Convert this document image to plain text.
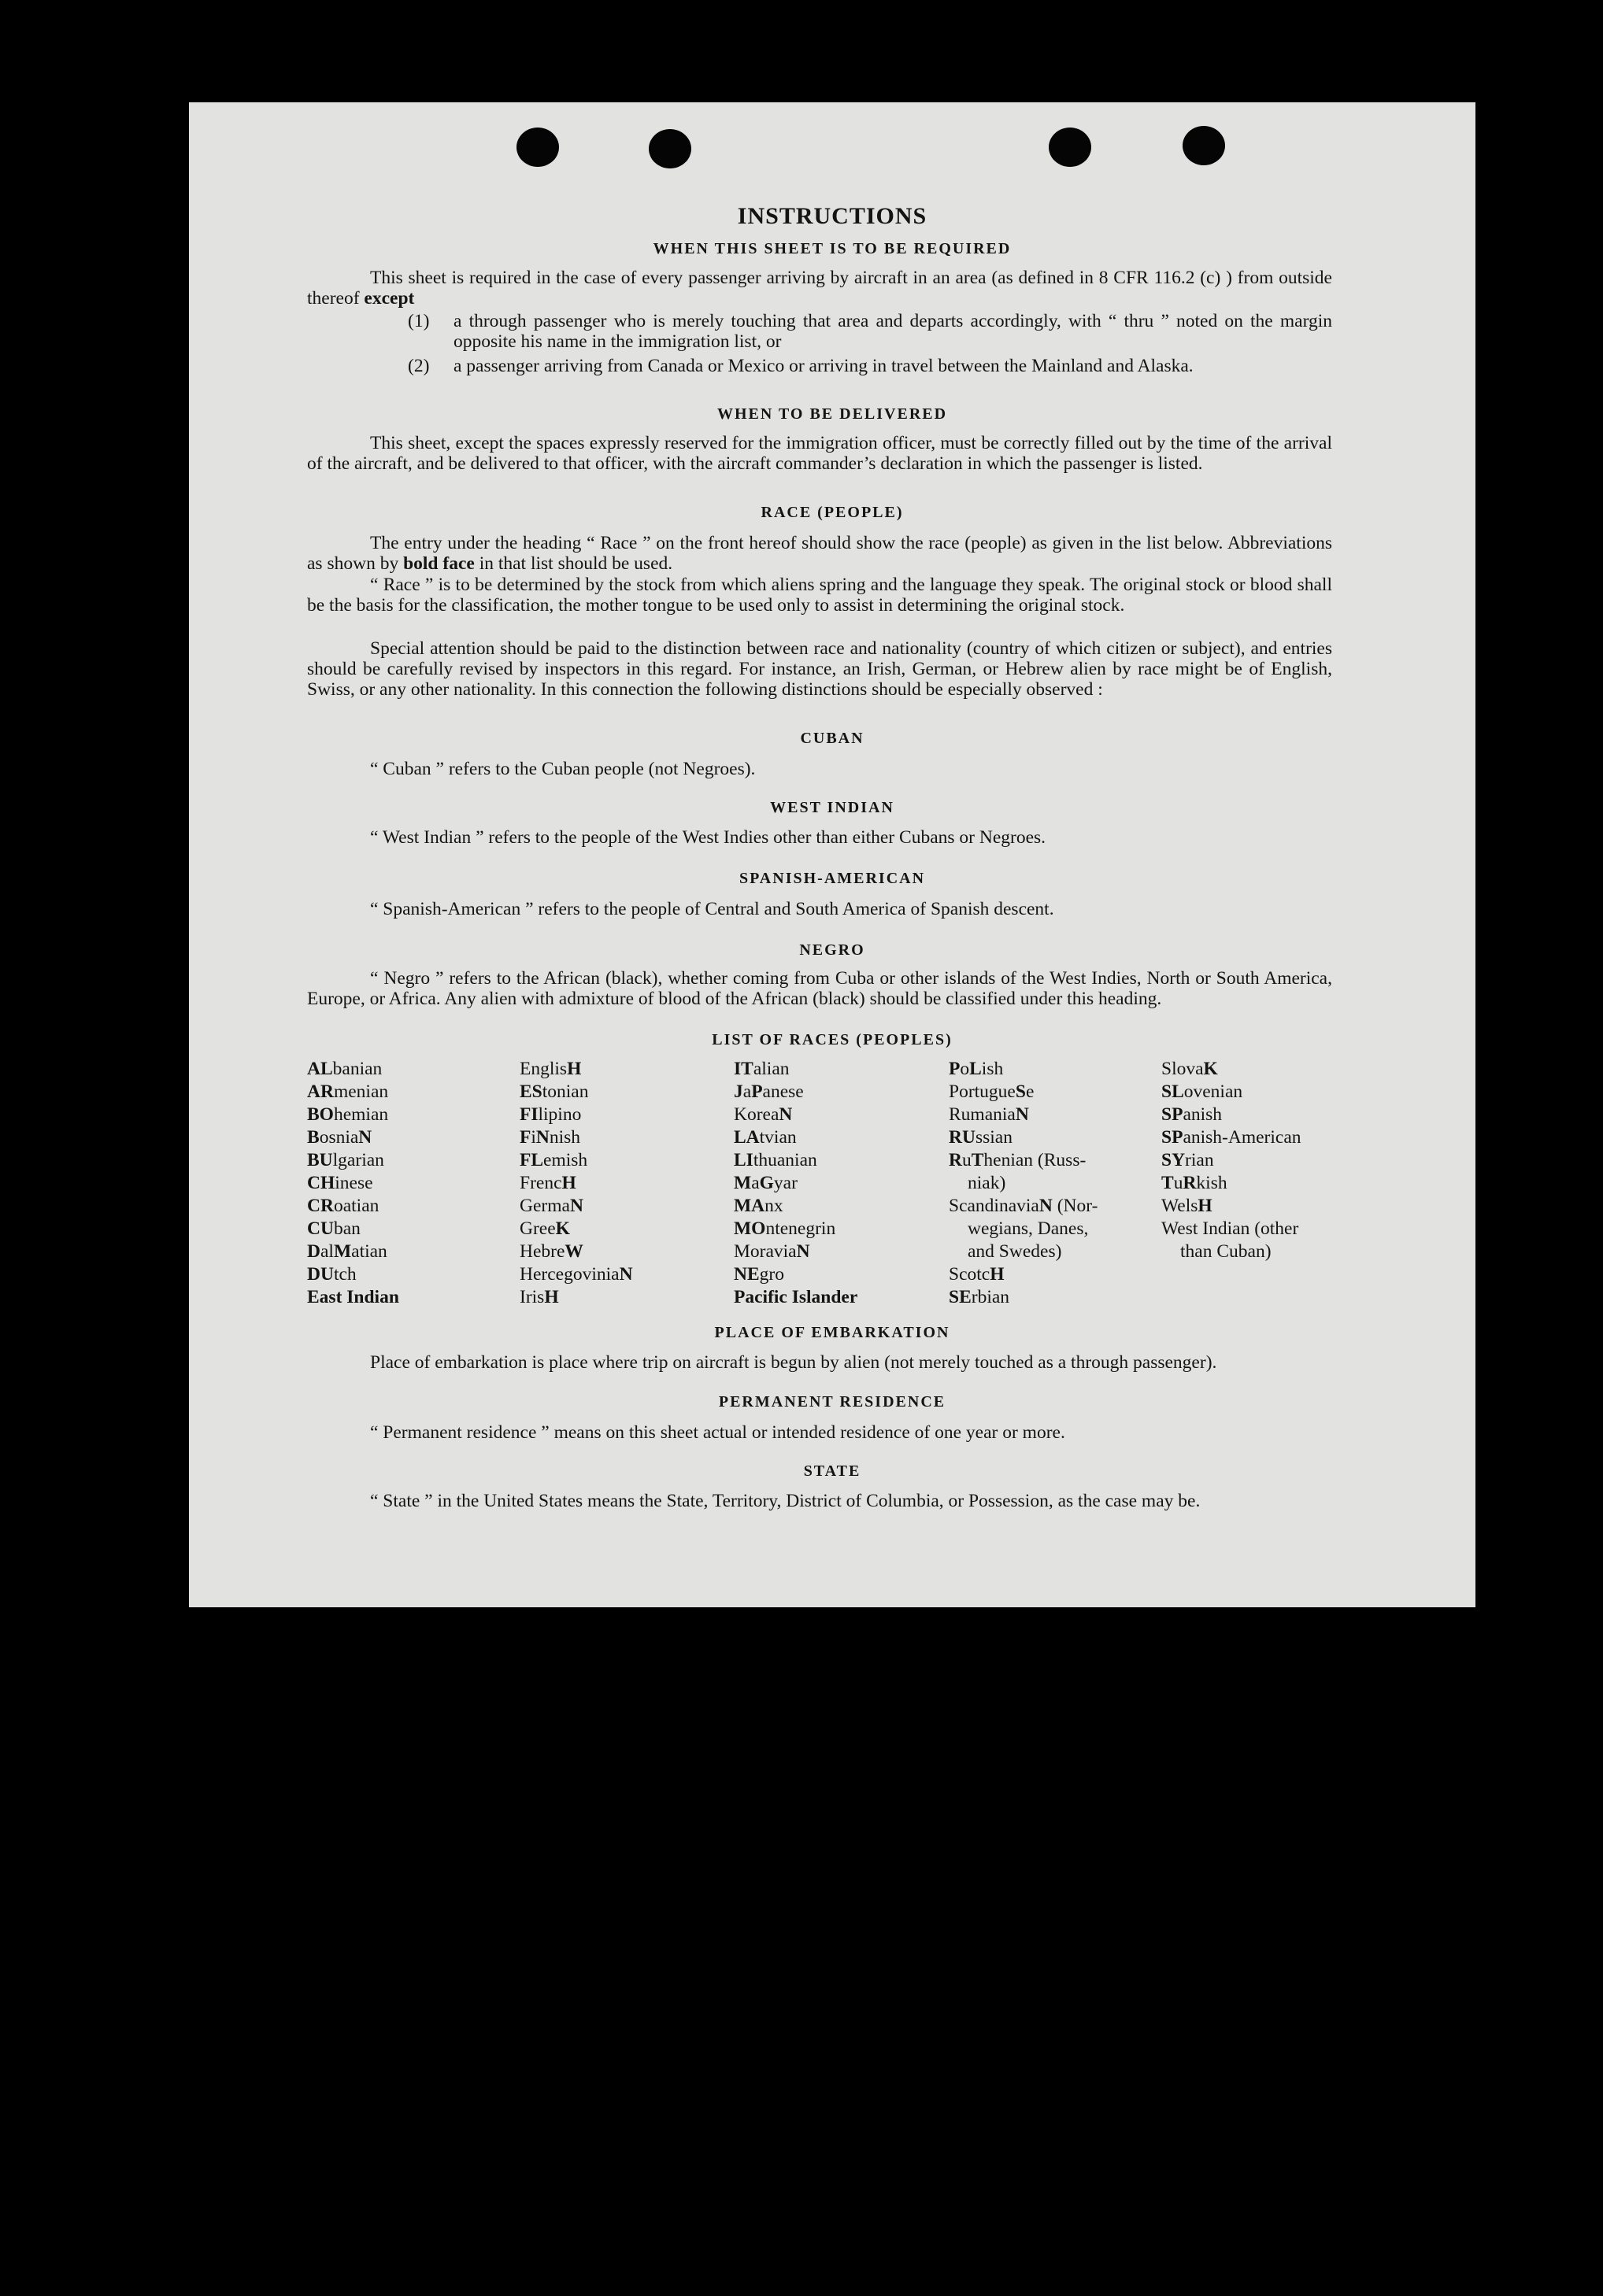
INSTRUCTIONS
WHEN THIS SHEET IS TO BE REQUIRED
This sheet is required in the case of every passenger arriving by aircraft in an area (as defined in 8 CFR 116.2 (c) ) from outside thereof except
(1)	a through passenger who is merely touching that area and departs accordingly, with “ thru ” noted on the margin opposite his name in the immigration list, or
(2)	a passenger arriving from Canada or Mexico or arriving in travel between the Mainland and Alaska.
WHEN TO BE DELIVERED
This sheet, except the spaces expressly reserved for the immigration officer, must be correctly filled out by the time of the arrival of the aircraft, and be delivered to that officer, with the aircraft commander’s declaration in which the passenger is listed.
RACE (PEOPLE)
The entry under the heading “ Race ” on the front hereof should show the race (people) as given in the list below. Abbreviations as shown by bold face in that list should be used.
“ Race ” is to be determined by the stock from which aliens spring and the language they speak. The original stock or blood shall be the basis for the classification, the mother tongue to be used only to assist in determining the original stock.
Special attention should be paid to the distinction between race and nationality (country of which citizen or subject), and entries should be carefully revised by inspectors in this regard. For instance, an Irish, German, or Hebrew alien by race might be of English, Swiss, or any other nationality. In this connection the following distinctions should be especially observed :
CUBAN
“ Cuban ” refers to the Cuban people (not Negroes).
WEST INDIAN
“ West Indian ” refers to the people of the West Indies other than either Cubans or Negroes.
SPANISH-AMERICAN
“ Spanish-American ” refers to the people of Central and South America of Spanish descent.
NEGRO
“ Negro ” refers to the African (black), whether coming from Cuba or other islands of the West Indies, North or South America, Europe, or Africa. Any alien with admixture of blood of the African (black) should be classified under this heading.
LIST OF RACES (PEOPLES)
ALbanian
ARmenian
BOhemian
BosniaN
BUlgarian
CHinese
CRoatian
CUban
DalMatian
DUtch
East Indian
EnglisH
EStonian
FIlipino
FiNnish
FLemish
FrencH
GermaN
GreeK
HebreW
HercegoviniaN
IrisH
ITalian
JaPanese
KoreaN
LAtvian
LIthuanian
MaGyar
MAnx
MOntenegrin
MoraviaN
NEgro
Pacific Islander
PoLish
PortugueSe
RumaniaN
RUssian
RuThenian (Russ-
niak)
ScandinaviaN (Nor-
wegians, Danes,
and Swedes)
ScotcH
SErbian
SlovaK
SLovenian
SPanish
SPanish-American
SYrian
TuRkish
WelsH
West Indian (other
than Cuban)
PLACE OF EMBARKATION
Place of embarkation is place where trip on aircraft is begun by alien (not merely touched as a through passenger).
PERMANENT RESIDENCE
“ Permanent residence ” means on this sheet actual or intended residence of one year or more.
STATE
“ State ” in the United States means the State, Territory, District of Columbia, or Possession, as the case may be.
